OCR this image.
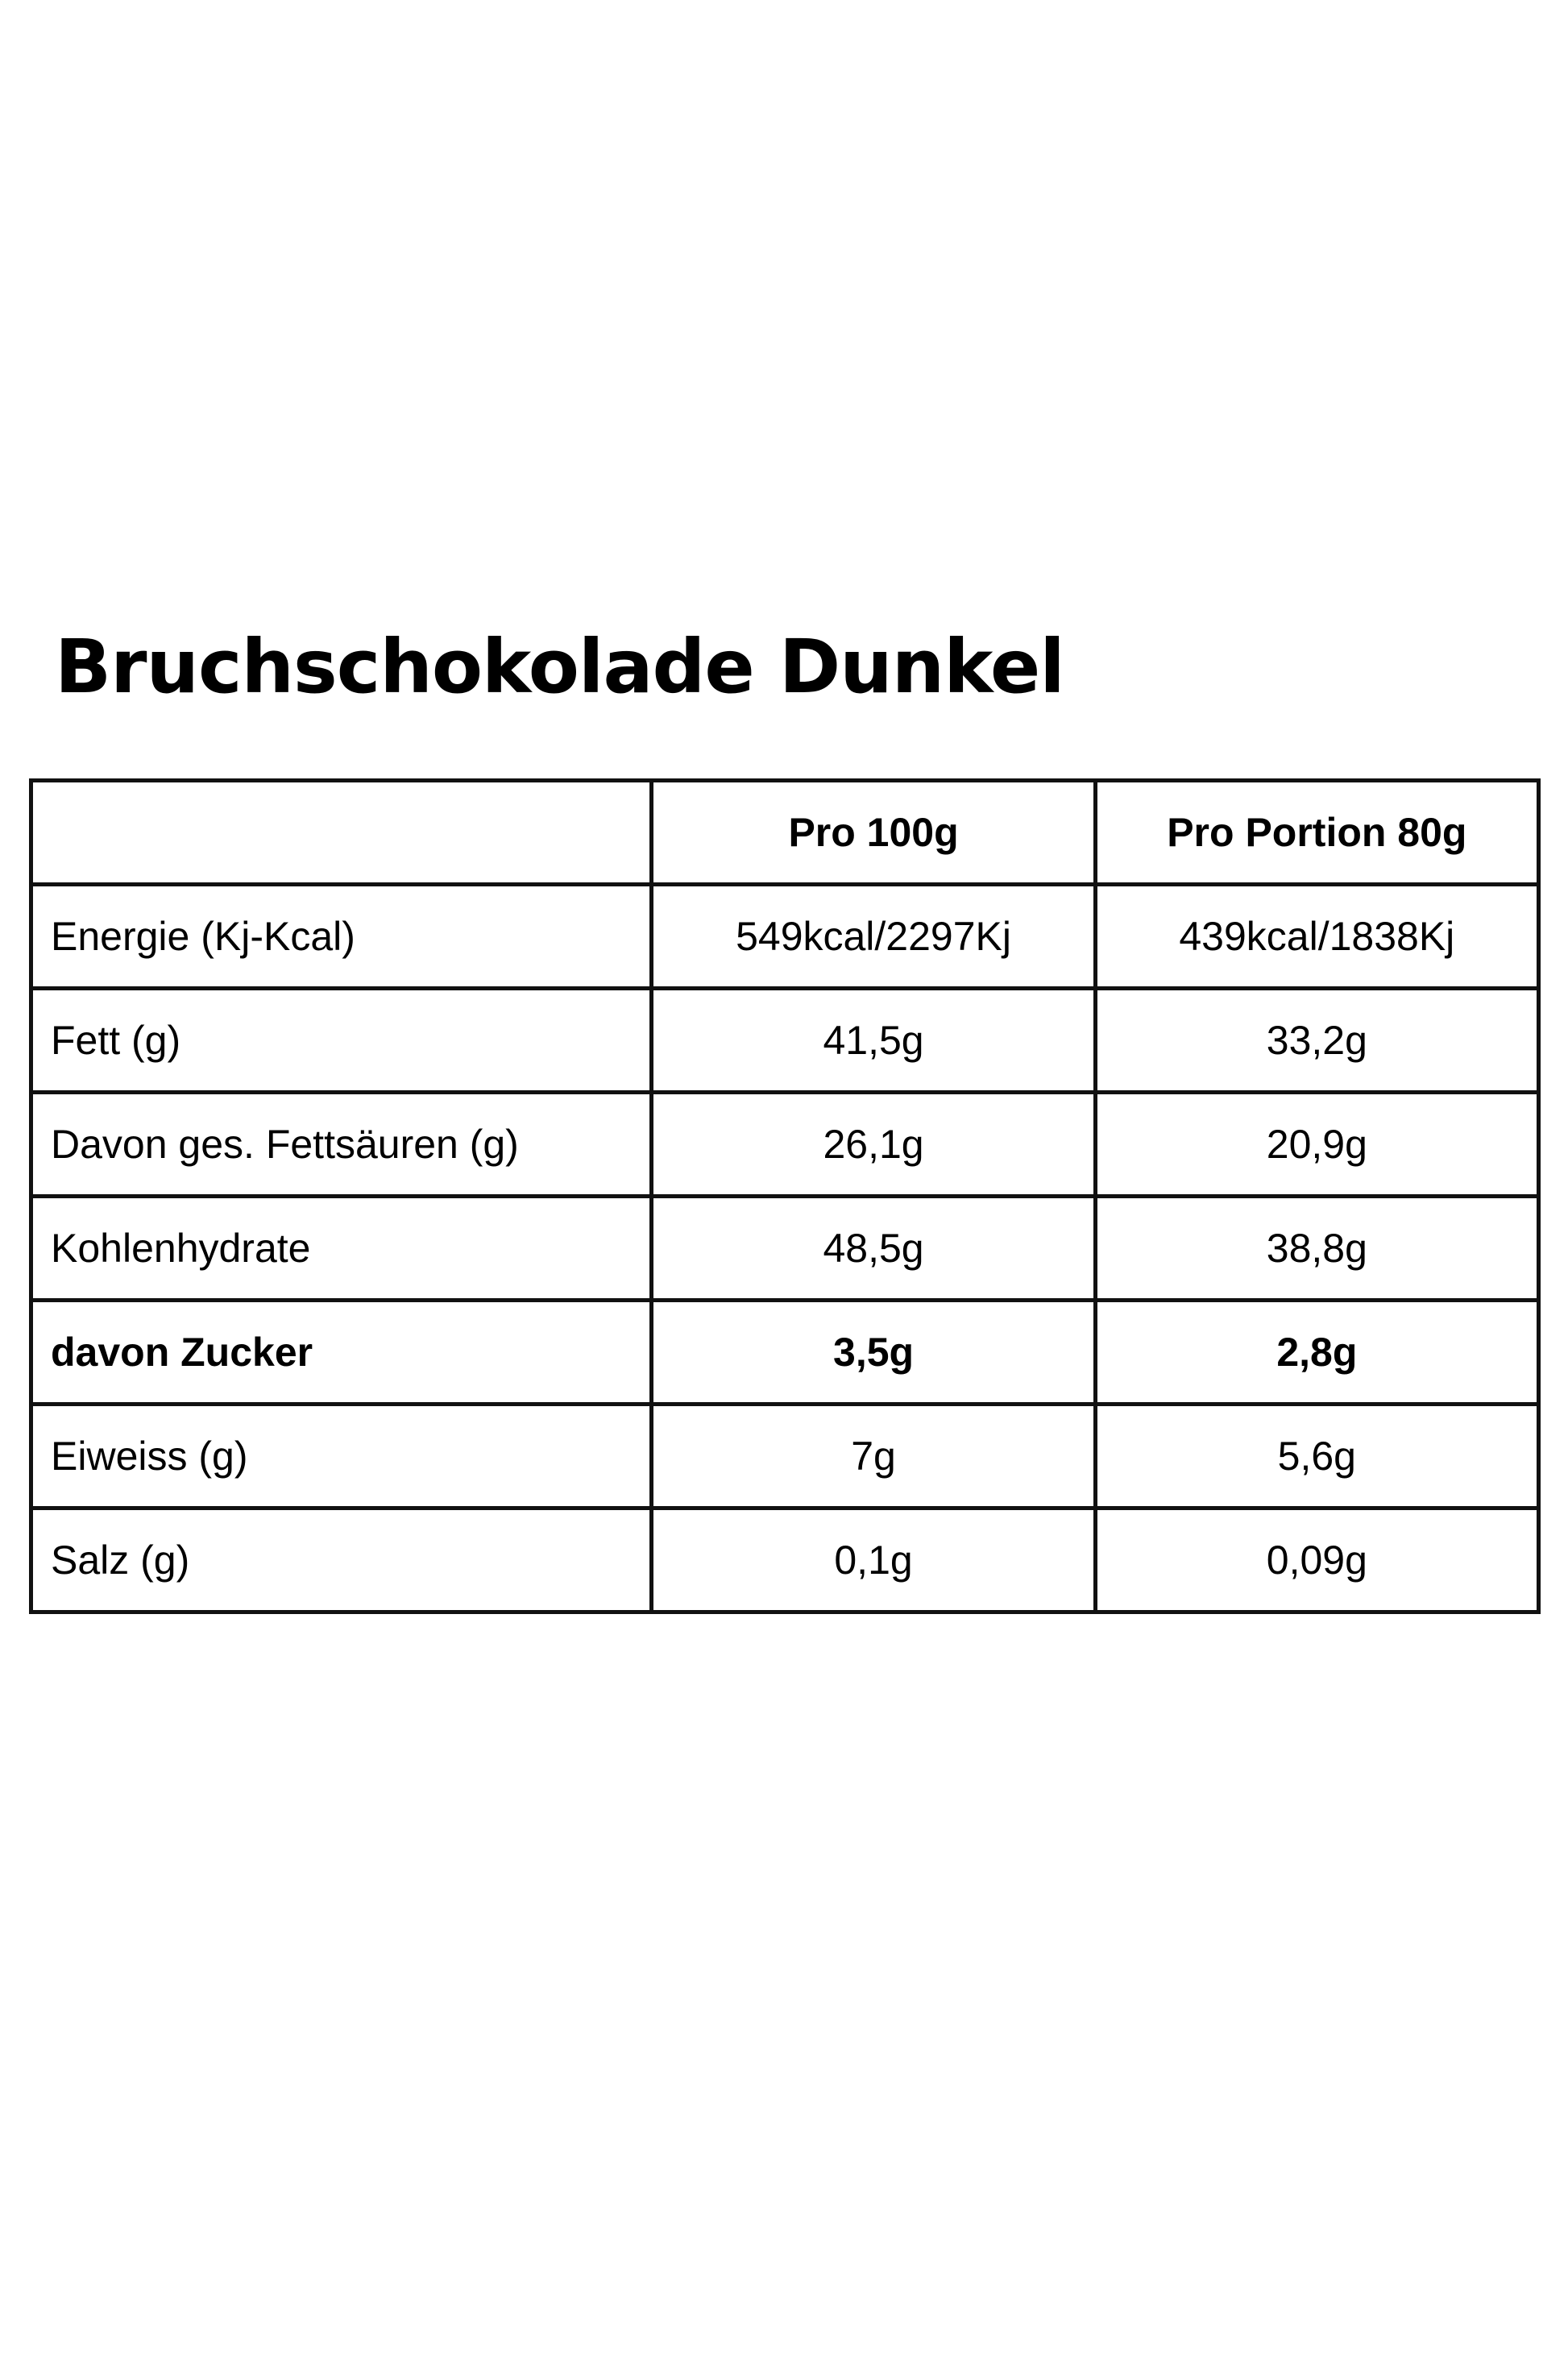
Bruchschokolade Dunkel
	Pro 100g	Pro Portion 80g
Energie (Kj-Kcal)	549kcal/2297Kj	439kcal/1838Kj
Fett (g)	41,5g	33,2g
Davon ges. Fettsäuren (g)	26,1g	20,9g
Kohlenhydrate	48,5g	38,8g
davon Zucker	3,5g	2,8g
Eiweiss (g)	7g	5,6g
Salz (g)	0,1g	0,09g
